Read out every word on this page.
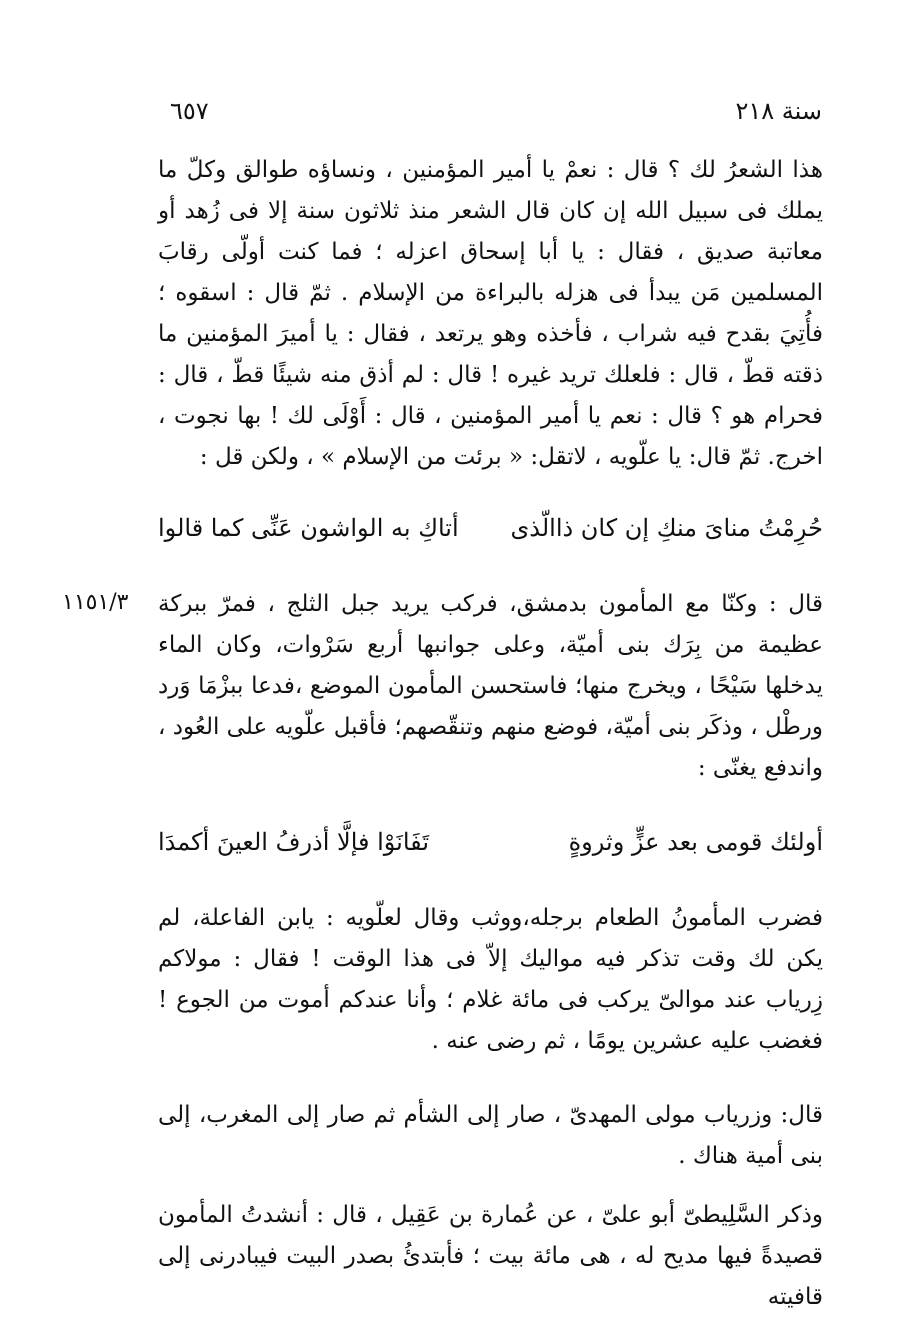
سنة ٢١٨
٦٥٧
هذا الشعرُ لك ؟ قال : نعمْ يا أمير المؤمنين ، ونساؤه طوالق وكلّ ما يملك فى سبيل الله إن كان قال الشعر منذ ثلاثون سنة إلا فى زُهد أو معاتبة صديق ، فقال : يا أبا إسحاق اعزله ؛ فما كنت أولّى رقابَ المسلمين مَن يبدأ فى هزله بالبراءة من الإسلام . ثمّ قال : اسقوه ؛ فأُتِيَ بقدح فيه شراب ، فأخذه وهو يرتعد ، فقال : يا أميرَ المؤمنين ما ذقته قطّ ، قال : فلعلك تريد غيره ! قال : لم أذق منه شيئًا قطّ ، قال : فحرام هو ؟ قال : نعم يا أمير المؤمنين ، قال : أَوْلَى لك ! بها نجوت ، اخرج. ثمّ قال: يا علّويه ، لاتقل: « برئت من الإسلام » ، ولكن قل :
حُرِمْتُ مناىَ منكِ إن كان ذاالّذى
أتاكِ به الواشون عَنِّى كما قالوا
١١٥١/٣ قال : وكنّا مع المأمون بدمشق، فركب يريد جبل الثلج ، فمرّ ببركة عظيمة من بِرَك بنى أميّة، وعلى جوانبها أربع سَرْوات، وكان الماء يدخلها سَيْحًا ، ويخرج منها؛ فاستحسن المأمون الموضع ،فدعا ببزْمَا وَرد ورطْل ، وذكَر بنى أميّة، فوضع منهم وتنقّصهم؛ فأقبل علّويه على العُود ، واندفع يغنّى :
أولئك قومى بعد عزٍّ وثروةٍ
تَفَانَوْا فإلَّا أذرفُ العينَ أكمدَا
فضرب المأمونُ الطعام برجله،ووثب وقال لعلّويه : يابن الفاعلة، لم يكن لك وقت تذكر فيه مواليك إلاّ فى هذا الوقت ! فقال : مولاكم زِرياب عند موالىّ يركب فى مائة غلام ؛ وأنا عندكم أموت من الجوع ! فغضب عليه عشرين يومًا ، ثم رضى عنه .
قال: وزرياب مولى المهدىّ ، صار إلى الشأم ثم صار إلى المغرب، إلى بنى أمية هناك .
وذكر السَّلِيطىّ أبو علىّ ، عن عُمارة بن عَقِيل ، قال : أنشدتُ المأمون قصيدةً فيها مديح له ، هى مائة بيت ؛ فأبتدئُ بصدر البيت فيبادرنى إلى قافيته
